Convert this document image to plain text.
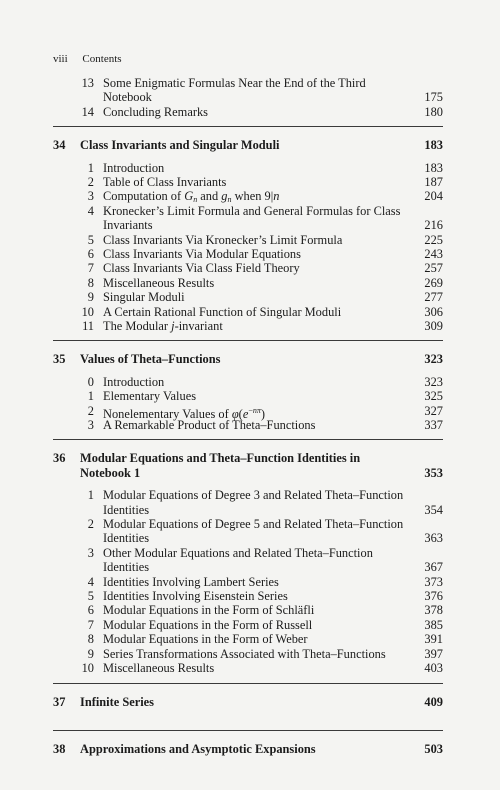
viii Contents
13 Some Enigmatic Formulas Near the End of the Third
Notebook	175
14 Concluding Remarks	180
34 Class Invariants and Singular Moduli	183
1 Introduction	183
2 Table of Class Invariants	187
3 Computation of $G_n$ and $g_n$ when 9|n	204
4 Kronecker’s Limit Formula and General Formulas for Class
Invariants	216
5 Class Invariants Via Kronecker’s Limit Formula	225
6 Class Invariants Via Modular Equations	243
7 Class Invariants Via Class Field Theory	257
8 Miscellaneous Results	269
9 Singular Moduli	277
10 A Certain Rational Function of Singular Moduli	306
11 The Modular j-invariant	309
35 Values of Theta–Functions	323
0 Introduction	323
1 Elementary Values	325
2 Nonelementary Values of $\varphi(e^{-n\pi})$	327
3 A Remarkable Product of Theta–Functions	337
36 Modular Equations and Theta–Function Identities in
Notebook 1	353
1 Modular Equations of Degree 3 and Related Theta–Function
Identities	354
2 Modular Equations of Degree 5 and Related Theta–Function
Identities	363
3 Other Modular Equations and Related Theta–Function
Identities	367
4 Identities Involving Lambert Series	373
5 Identities Involving Eisenstein Series	376
6 Modular Equations in the Form of Schläfli	378
7 Modular Equations in the Form of Russell	385
8 Modular Equations in the Form of Weber	391
9 Series Transformations Associated with Theta–Functions	397
10 Miscellaneous Results	403
37 Infinite Series	409
38 Approximations and Asymptotic Expansions	503
